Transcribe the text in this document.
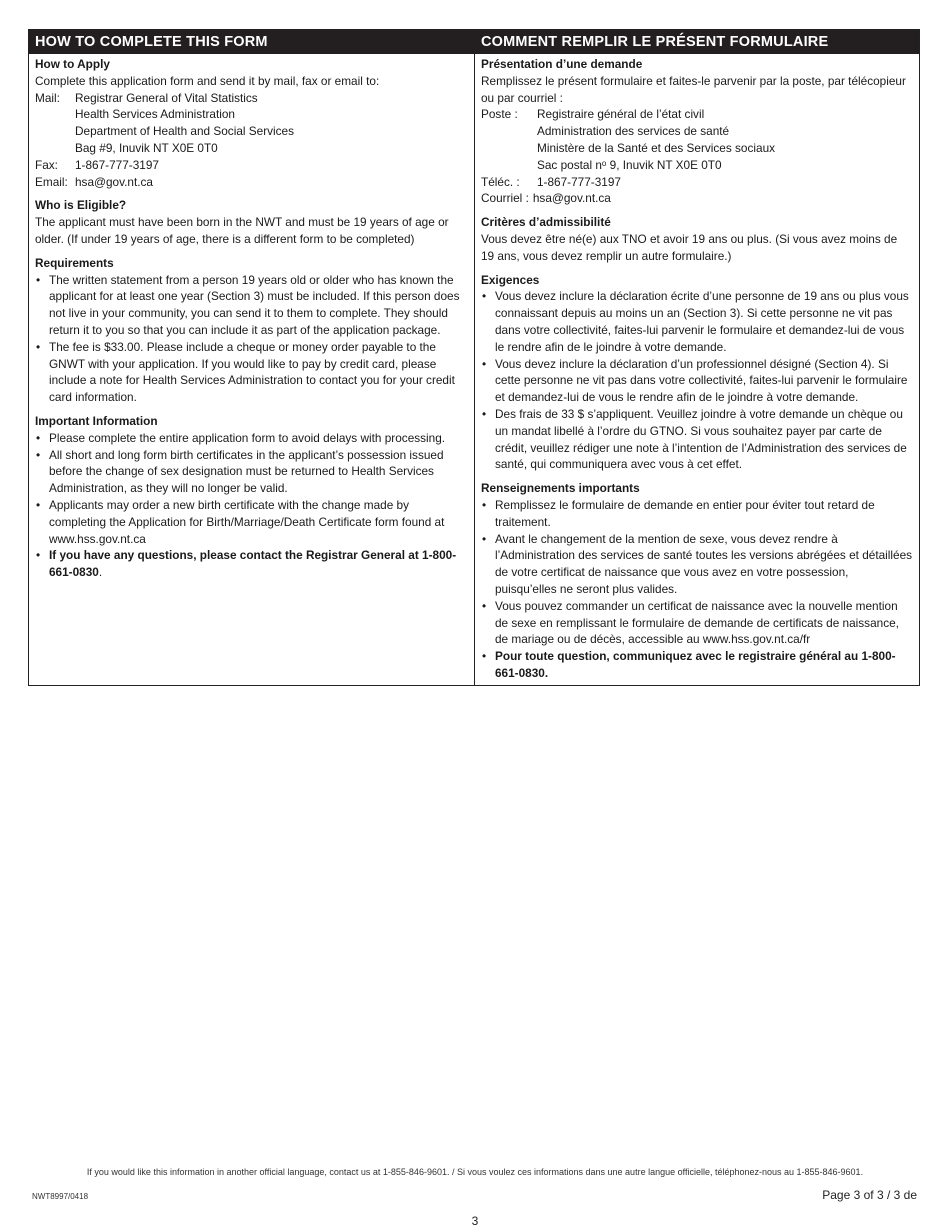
HOW TO COMPLETE THIS FORM
How to Apply

Complete this application form and send it by mail, fax or email to:

Mail:	Registrar General of Vital Statistics
Health Services Administration
Department of Health and Social Services
Bag #9, Inuvik NT X0E 0T0
Fax:	1-867-777-3197
Email: hsa@gov.nt.ca
Who is Eligible?

The applicant must have been born in the NWT and must be 19 years of age or older. (If under 19 years of age, there is a different form to be completed)

Requirements
• The written statement from a person 19 years old or older who has known the applicant for at least one year (Section 3) must be included. If this person does not live in your community, you can send it to them to complete. They should return it to you so that you can include it as part of the application package.
• The fee is $33.00. Please include a cheque or money order payable to the GNWT with your application. If you would like to pay by credit card, please include a note for Health Services Administration to contact you for your credit card information.
Important Information
• Please complete the entire application form to avoid delays with processing.
• All short and long form birth certificates in the applicant’s possession issued before the change of sex designation must be returned to Health Services Administration, as they will no longer be valid.
• Applicants may order a new birth certificate with the change made by completing the Application for Birth/Marriage/Death Certificate form found at www.hss.gov.nt.ca
• If you have any questions, please contact the Registrar General at 1-800-661-0830.
COMMENT REMPLIR LE PRÉSENT FORMULAIRE
Présentation d’une demande

Remplissez le présent formulaire et faites-le parvenir par la poste, par télécopieur ou par courriel :

Poste :	Registraire général de l’état civil
Administration des services de santé
Ministère de la Santé et des Services sociaux
Sac postal nᵒ 9, Inuvik NT X0E 0T0
Téléc. :	1-867-777-3197
Courriel : hsa@gov.nt.ca
Critères d’admissibilité

Vous devez être né(e) aux TNO et avoir 19 ans ou plus. (Si vous avez moins de 19 ans, vous devez remplir un autre formulaire.)

Exigences
• Vous devez inclure la déclaration écrite d’une personne de 19 ans ou plus vous connaissant depuis au moins un an (Section 3). Si cette personne ne vit pas dans votre collectivité, faites-lui parvenir le formulaire et demandez-lui de vous le rendre afin de le joindre à votre demande.
• Vous devez inclure la déclaration d’un professionnel désigné (Section 4). Si cette personne ne vit pas dans votre collectivité, faites-lui parvenir le formulaire et demandez-lui de vous le rendre afin de le joindre à votre demande.
• Des frais de 33 $ s’appliquent. Veuillez joindre à votre demande un chèque ou un mandat libellé à l’ordre du GTNO. Si vous souhaitez payer par carte de crédit, veuillez rédiger une note à l’intention de l’Administration des services de santé, qui communiquera avec vous à cet effet.
Renseignements importants
• Remplissez le formulaire de demande en entier pour éviter tout retard de traitement.
• Avant le changement de la mention de sexe, vous devez rendre à l’Administration des services de santé toutes les versions abrégées et détaillées de votre certificat de naissance que vous avez en votre possession, puisqu’elles ne seront plus valides.
• Vous pouvez commander un certificat de naissance avec la nouvelle mention de sexe en remplissant le formulaire de demande de certificats de naissance, de mariage ou de décès, accessible au www.hss.gov.nt.ca/fr
• Pour toute question, communiquez avec le registraire général au 1-800-661-0830.
If you would like this information in another official language, contact us at 1-855-846-9601. / Si vous voulez ces informations dans une autre langue officielle, téléphonez-nous au 1-855-846-9601.
NWT8997/0418	Page 3 of 3 / 3 de
3
